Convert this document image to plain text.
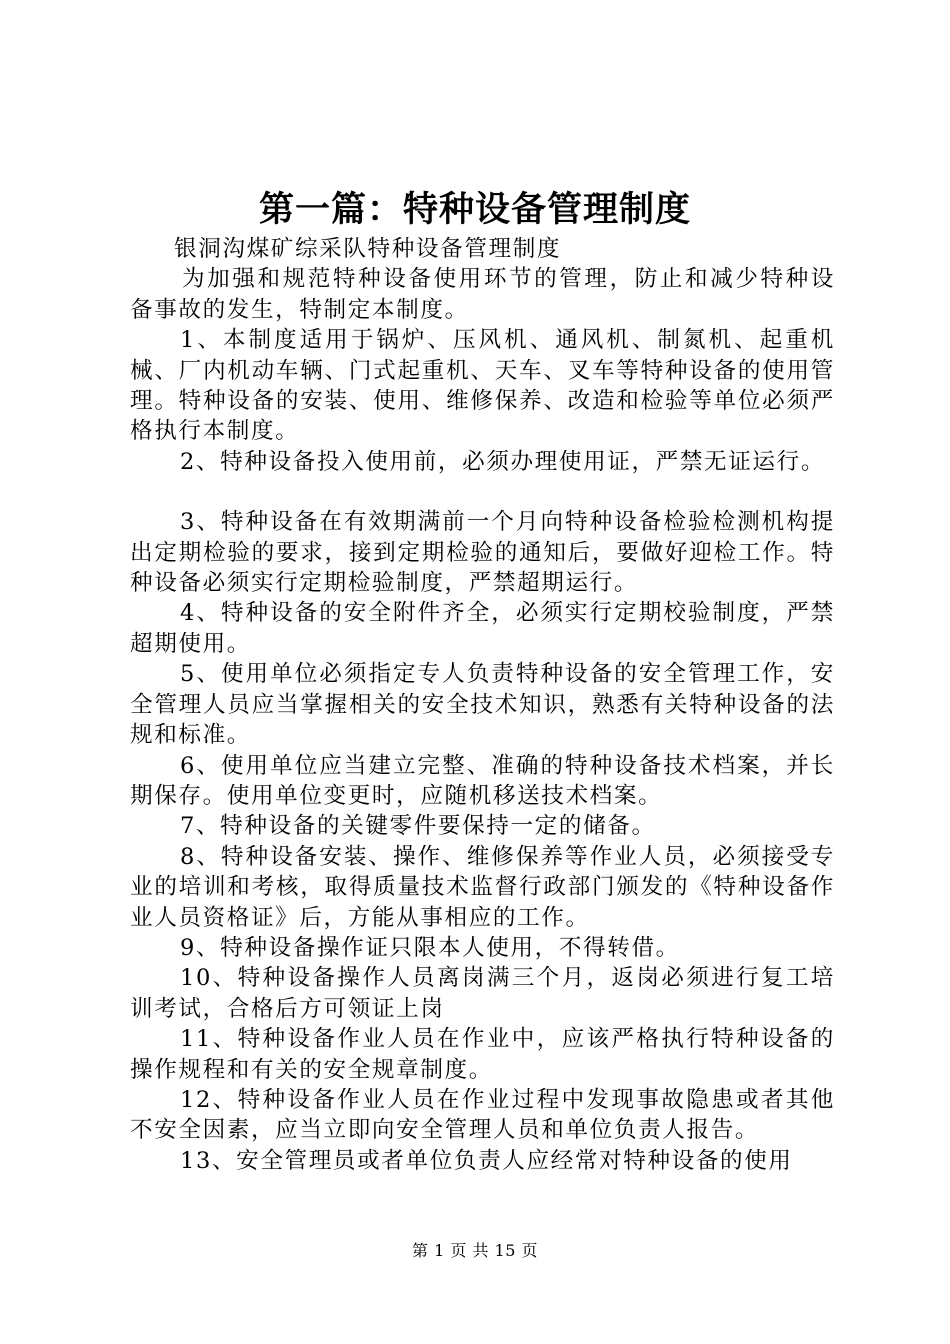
第一篇：特种设备管理制度

银洞沟煤矿综采队特种设备管理制度

为加强和规范特种设备使用环节的管理，防止和减少特种设备事故的发生，特制定本制度。

1、本制度适用于锅炉、压风机、通风机、制氮机、起重机械、厂内机动车辆、门式起重机、天车、叉车等特种设备的使用管理。特种设备的安装、使用、维修保养、改造和检验等单位必须严格执行本制度。

2、特种设备投入使用前，必须办理使用证，严禁无证运行。

3、特种设备在有效期满前一个月向特种设备检验检测机构提出定期检验的要求，接到定期检验的通知后，要做好迎检工作。特种设备必须实行定期检验制度，严禁超期运行。

4、特种设备的安全附件齐全，必须实行定期校验制度，严禁超期使用。

5、使用单位必须指定专人负责特种设备的安全管理工作，安全管理人员应当掌握相关的安全技术知识，熟悉有关特种设备的法规和标准。

6、使用单位应当建立完整、准确的特种设备技术档案，并长期保存。使用单位变更时，应随机移送技术档案。

7、特种设备的关键零件要保持一定的储备。

8、特种设备安装、操作、维修保养等作业人员，必须接受专业的培训和考核，取得质量技术监督行政部门颁发的《特种设备作业人员资格证》后，方能从事相应的工作。

9、特种设备操作证只限本人使用，不得转借。

10、特种设备操作人员离岗满三个月，返岗必须进行复工培训考试，合格后方可领证上岗

11、特种设备作业人员在作业中，应该严格执行特种设备的操作规程和有关的安全规章制度。

12、特种设备作业人员在作业过程中发现事故隐患或者其他不安全因素，应当立即向安全管理人员和单位负责人报告。

13、安全管理员或者单位负责人应经常对特种设备的使用

第 1 页 共 15 页
